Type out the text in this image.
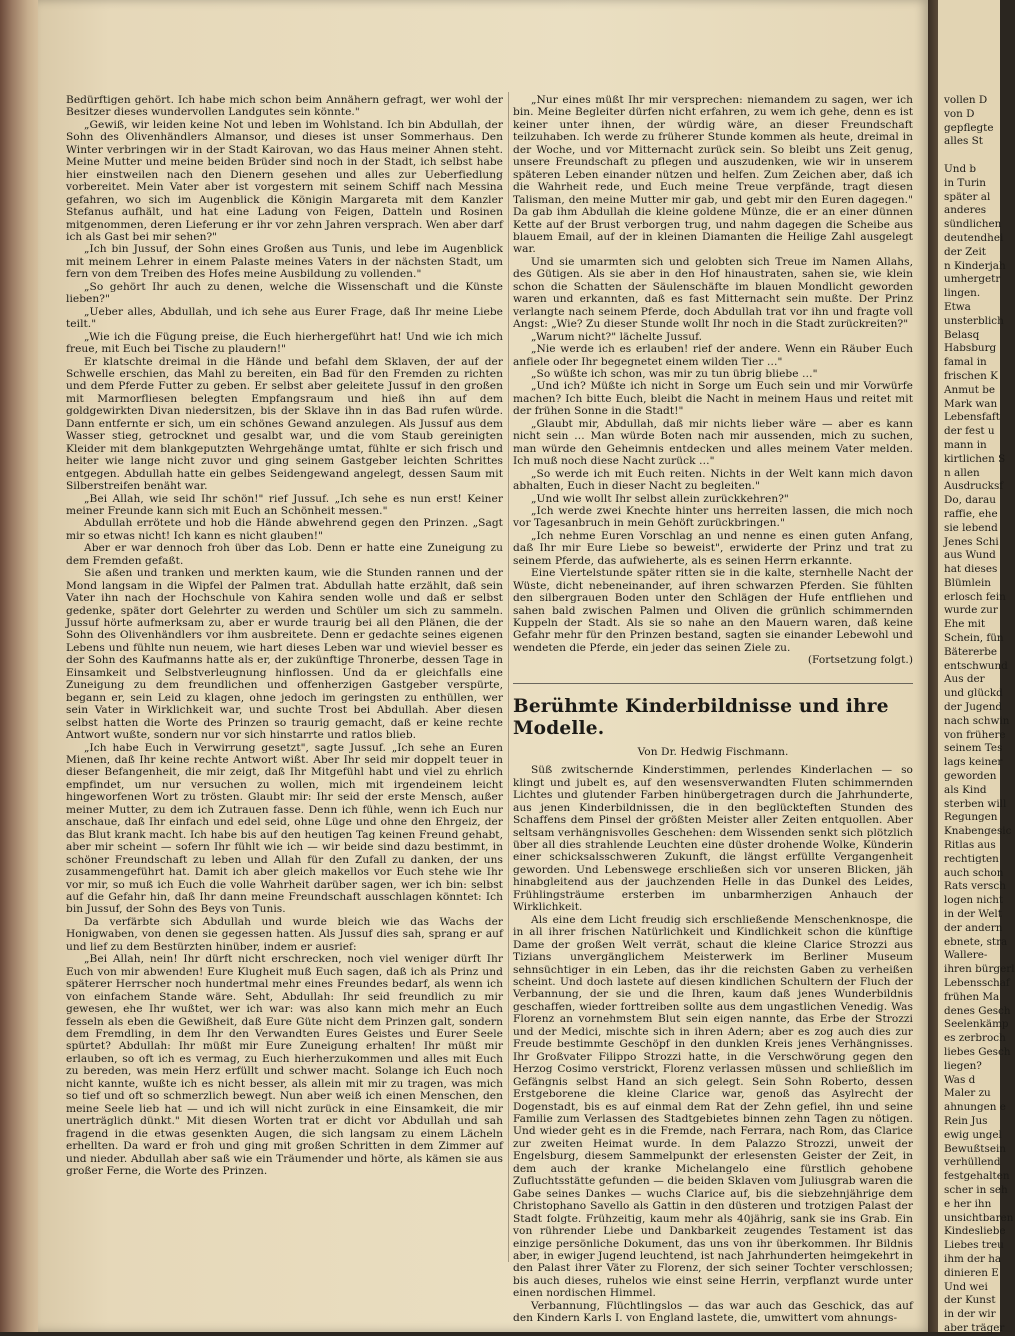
vollen D
von D
gepflegte
alles St
Und b
in Turin
später al
anderes
sündlichen
deutendhei
der Zeit
n Kinderjah
umhergetr
lingen.
Etwa
unsterblich
Belasq
Habsburg
famal in
frischen K
Anmut be
Mark wan
Lebensfaft
der fest u
mann in
kirtlichen S
n allen
Ausdrucksf
Do, darau
raffie, ehe
sie lebend
Jenes Schi
aus Wund
hat dieses
Blümlein
erlosch fein
wurde zur
Ehe mit
Schein, fün
Bätererbe
entschwund
Aus der
und glückd
der Jugend
nach schwin
von frühere
seinem Tes
lags keiner
geworden
als Kind
sterben will
Regungen
Knabengesic
Ritlas aus
rechtigten
auch schon
Rats versch
logen nicht
in der Welt
der andern
ebnete, stra
Wallere-
ihren bürgerl
Lebensschaf
frühen Ma
denes Gesch
Seelenkämp
es zerbroch
liebes Gesch
liegen?
Was d
Maler zu
ahnungen e
Rein Jus
ewig ungel
Bewußtsein
verhüllend
festgehalten
scher in seh
e her ihn
unsichtbaren
Kindesliebe
Liebes treu
ihm der ha
dinieren E
Und wei
der Kunst
in der wir
aber träger

Bedürftigen gehört. Ich habe mich schon beim Annähern gefragt, wer wohl der Besitzer dieses wundervollen Landgutes sein könnte."

„Gewiß, wir leiden keine Not und leben im Wohlstand. Ich bin Abdullah, der Sohn des Olivenhändlers Almansor, und dieses ist unser Sommerhaus. Den Winter verbringen wir in der Stadt Kairovan, wo das Haus meiner Ahnen steht. Meine Mutter und meine beiden Brüder sind noch in der Stadt, ich selbst habe hier einstweilen nach den Dienern gesehen und alles zur Ueberfiedlung vorbereitet. Mein Vater aber ist vorgestern mit seinem Schiff nach Messina gefahren, wo sich im Augenblick die Königin Margareta mit dem Kanzler Stefanus aufhält, und hat eine Ladung von Feigen, Datteln und Rosinen mitgenommen, deren Lieferung er ihr vor zehn Jahren versprach. Wen aber darf ich als Gast bei mir sehen?"

„Ich bin Jussuf, der Sohn eines Großen aus Tunis, und lebe im Augenblick mit meinem Lehrer in einem Palaste meines Vaters in der nächsten Stadt, um fern von dem Treiben des Hofes meine Ausbildung zu vollenden."

„So gehört Ihr auch zu denen, welche die Wissenschaft und die Künste lieben?"

„Ueber alles, Abdullah, und ich sehe aus Eurer Frage, daß Ihr meine Liebe teilt."

„Wie ich die Fügung preise, die Euch hierhergeführt hat! Und wie ich mich freue, mit Euch bei Tische zu plaudern!"

Er klatschte dreimal in die Hände und befahl dem Sklaven, der auf der Schwelle erschien, das Mahl zu bereiten, ein Bad für den Fremden zu richten und dem Pferde Futter zu geben. Er selbst aber geleitete Jussuf in den großen mit Marmorfliesen belegten Empfangsraum und hieß ihn auf dem goldgewirkten Divan niedersitzen, bis der Sklave ihn in das Bad rufen würde. Dann entfernte er sich, um ein schönes Gewand anzulegen. Als Jussuf aus dem Wasser stieg, getrocknet und gesalbt war, und die vom Staub gereinigten Kleider mit dem blankgeputzten Wehrgehänge umtat, fühlte er sich frisch und heiter wie lange nicht zuvor und ging seinem Gastgeber leichten Schrittes entgegen. Abdullah hatte ein gelbes Seidengewand angelegt, dessen Saum mit Silberstreifen benäht war.

„Bei Allah, wie seid Ihr schön!" rief Jussuf. „Ich sehe es nun erst! Keiner meiner Freunde kann sich mit Euch an Schönheit messen."

Abdullah errötete und hob die Hände abwehrend gegen den Prinzen. „Sagt mir so etwas nicht! Ich kann es nicht glauben!"

Aber er war dennoch froh über das Lob. Denn er hatte eine Zuneigung zu dem Fremden gefaßt.

Sie aßen und tranken und merkten kaum, wie die Stunden rannen und der Mond langsam in die Wipfel der Palmen trat. Abdullah hatte erzählt, daß sein Vater ihn nach der Hochschule von Kahira senden wolle und daß er selbst gedenke, später dort Gelehrter zu werden und Schüler um sich zu sammeln. Jussuf hörte aufmerksam zu, aber er wurde traurig bei all den Plänen, die der Sohn des Olivenhändlers vor ihm ausbreitete. Denn er gedachte seines eigenen Lebens und fühlte nun neuem, wie hart dieses Leben war und wieviel besser es der Sohn des Kaufmanns hatte als er, der zukünftige Thronerbe, dessen Tage in Einsamkeit und Selbstverleugnung hinflossen. Und da er gleichfalls eine Zuneigung zu dem freundlichen und offenherzigen Gastgeber verspürte, begann er, sein Leid zu klagen, ohne jedoch im geringsten zu enthüllen, wer sein Vater in Wirklichkeit war, und suchte Trost bei Abdullah. Aber diesen selbst hatten die Worte des Prinzen so traurig gemacht, daß er keine rechte Antwort wußte, sondern nur vor sich hinstarrte und ratlos blieb.

„Ich habe Euch in Verwirrung gesetzt", sagte Jussuf. „Ich sehe an Euren Mienen, daß Ihr keine rechte Antwort wißt. Aber Ihr seid mir doppelt teuer in dieser Befangenheit, die mir zeigt, daß Ihr Mitgefühl habt und viel zu ehrlich empfindet, um nur versuchen zu wollen, mich mit irgendeinem leicht hingeworfenen Wort zu trösten. Glaubt mir: Ihr seid der erste Mensch, außer meiner Mutter, zu dem ich Zutrauen fasse. Denn ich fühle, wenn ich Euch nur anschaue, daß Ihr einfach und edel seid, ohne Lüge und ohne den Ehrgeiz, der das Blut krank macht. Ich habe bis auf den heutigen Tag keinen Freund gehabt, aber mir scheint — sofern Ihr fühlt wie ich — wir beide sind dazu bestimmt, in schöner Freundschaft zu leben und Allah für den Zufall zu danken, der uns zusammengeführt hat. Damit ich aber gleich makellos vor Euch stehe wie Ihr vor mir, so muß ich Euch die volle Wahrheit darüber sagen, wer ich bin: selbst auf die Gefahr hin, daß Ihr dann meine Freundschaft ausschlagen könntet: Ich bin Jussuf, der Sohn des Beys von Tunis.

Da verfärbte sich Abdullah und wurde bleich wie das Wachs der Honigwaben, von denen sie gegessen hatten. Als Jussuf dies sah, sprang er auf und lief zu dem Bestürzten hinüber, indem er ausrief:

„Bei Allah, nein! Ihr dürft nicht erschrecken, noch viel weniger dürft Ihr Euch von mir abwenden! Eure Klugheit muß Euch sagen, daß ich als Prinz und späterer Herrscher noch hundertmal mehr eines Freundes bedarf, als wenn ich von einfachem Stande wäre. Seht, Abdullah: Ihr seid freundlich zu mir gewesen, ehe Ihr wußtet, wer ich war: was also kann mich mehr an Euch fesseln als eben die Gewißheit, daß Eure Güte nicht dem Prinzen galt, sondern dem Fremdling, in dem Ihr den Verwandten Eures Geistes und Eurer Seele spürtet? Abdullah: Ihr müßt mir Eure Zuneigung erhalten! Ihr müßt mir erlauben, so oft ich es vermag, zu Euch hierherzukommen und alles mit Euch zu bereden, was mein Herz erfüllt und schwer macht. Solange ich Euch noch nicht kannte, wußte ich es nicht besser, als allein mit mir zu tragen, was mich so tief und oft so schmerzlich bewegt. Nun aber weiß ich einen Menschen, den meine Seele lieb hat — und ich will nicht zurück in eine Einsamkeit, die mir unerträglich dünkt." Mit diesen Worten trat er dicht vor Abdullah und sah fragend in die etwas gesenkten Augen, die sich langsam zu einem Lächeln erhellten. Da ward er froh und ging mit großen Schritten in dem Zimmer auf und nieder. Abdullah aber saß wie ein Träumender und hörte, als kämen sie aus großer Ferne, die Worte des Prinzen.

„Nur eines müßt Ihr mir versprechen: niemandem zu sagen, wer ich bin. Meine Begleiter dürfen nicht erfahren, zu wem ich gehe, denn es ist keiner unter ihnen, der würdig wäre, an dieser Freundschaft teilzuhaben. Ich werde zu früherer Stunde kommen als heute, dreimal in der Woche, und vor Mitternacht zurück sein. So bleibt uns Zeit genug, unsere Freundschaft zu pflegen und auszudenken, wie wir in unserem späteren Leben einander nützen und helfen. Zum Zeichen aber, daß ich die Wahrheit rede, und Euch meine Treue verpfände, tragt diesen Talisman, den meine Mutter mir gab, und gebt mir den Euren dagegen." Da gab ihm Abdullah die kleine goldene Münze, die er an einer dünnen Kette auf der Brust verborgen trug, und nahm dagegen die Scheibe aus blauem Email, auf der in kleinen Diamanten die Heilige Zahl ausgelegt war.

Und sie umarmten sich und gelobten sich Treue im Namen Allahs, des Gütigen. Als sie aber in den Hof hinaustraten, sahen sie, wie klein schon die Schatten der Säulenschäfte im blauen Mondlicht geworden waren und erkannten, daß es fast Mitternacht sein mußte. Der Prinz verlangte nach seinem Pferde, doch Abdullah trat vor ihn und fragte voll Angst: „Wie? Zu dieser Stunde wollt Ihr noch in die Stadt zurückreiten?"

„Warum nicht?" lächelte Jussuf.

„Nie werde ich es erlauben! rief der andere. Wenn ein Räuber Euch anfiele oder Ihr begegnetet einem wilden Tier …"

„So wüßte ich schon, was mir zu tun übrig bliebe …"

„Und ich? Müßte ich nicht in Sorge um Euch sein und mir Vorwürfe machen? Ich bitte Euch, bleibt die Nacht in meinem Haus und reitet mit der frühen Sonne in die Stadt!"

„Glaubt mir, Abdullah, daß mir nichts lieber wäre — aber es kann nicht sein … Man würde Boten nach mir aussenden, mich zu suchen, man würde den Geheimnis entdecken und alles meinem Vater melden. Ich muß noch diese Nacht zurück …"

„So werde ich mit Euch reiten. Nichts in der Welt kann mich davon abhalten, Euch in dieser Nacht zu begleiten."

„Und wie wollt Ihr selbst allein zurückkehren?"

„Ich werde zwei Knechte hinter uns herreiten lassen, die mich noch vor Tagesanbruch in mein Gehöft zurückbringen."

„Ich nehme Euren Vorschlag an und nenne es einen guten Anfang, daß Ihr mir Eure Liebe so beweist", erwiderte der Prinz und trat zu seinem Pferde, das aufwieherte, als es seinen Herrn erkannte.

Eine Viertelstunde später ritten sie in die kalte, sternhelle Nacht der Wüste, dicht nebeneinander, auf ihren schwarzen Pferden. Sie fühlten den silbergrauen Boden unter den Schlägen der Hufe entfliehen und sahen bald zwischen Palmen und Oliven die grünlich schimmernden Kuppeln der Stadt. Als sie so nahe an den Mauern waren, daß keine Gefahr mehr für den Prinzen bestand, sagten sie einander Lebewohl und wendeten die Pferde, ein jeder das seinen Ziele zu.

(Fortsetzung folgt.)

Berühmte Kinderbildnisse und ihre Modelle.
Von Dr. Hedwig Fischmann.

Süß zwitschernde Kinderstimmen, perlendes Kinderlachen — so klingt und jubelt es, auf den wesensverwandten Fluten schimmernden Lichtes und glutender Farben hinübergetragen durch die Jahrhunderte, aus jenen Kinderbildnissen, die in den beglückteften Stunden des Schaffens dem Pinsel der größten Meister aller Zeiten entquollen. Aber seltsam verhängnisvolles Geschehen: dem Wissenden senkt sich plötzlich über all dies strahlende Leuchten eine düster drohende Wolke, Künderin einer schicksalsschweren Zukunft, die längst erfüllte Vergangenheit geworden. Und Lebenswege erschließen sich vor unseren Blicken, jäh hinabgleitend aus der jauchzenden Helle in das Dunkel des Leides, Frühlingsträume ersterben im unbarmherzigen Anhauch der Wirklichkeit.

Als eine dem Licht freudig sich erschließende Menschenknospe, die in all ihrer frischen Natürlichkeit und Kindlichkeit schon die künftige Dame der großen Welt verrät, schaut die kleine Clarice Strozzi aus Tizians unvergänglichem Meisterwerk im Berliner Museum sehnsüchtiger in ein Leben, das ihr die reichsten Gaben zu verheißen scheint. Und doch lastete auf diesen kindlichen Schultern der Fluch der Verbannung, der sie und die Ihren, kaum daß jenes Wunderbildnis geschaffen, wieder forttreiben sollte aus dem ungastlichen Venedig. Was Florenz an vornehmstem Blut sein eigen nannte, das Erbe der Strozzi und der Medici, mischte sich in ihren Adern; aber es zog auch dies zur Freude bestimmte Geschöpf in den dunklen Kreis jenes Verhängnisses. Ihr Großvater Filippo Strozzi hatte, in die Verschwörung gegen den Herzog Cosimo verstrickt, Florenz verlassen müssen und schließlich im Gefängnis selbst Hand an sich gelegt. Sein Sohn Roberto, dessen Erstgeborene die kleine Clarice war, genoß das Asylrecht der Dogenstadt, bis es auf einmal dem Rat der Zehn gefiel, ihn und seine Familie zum Verlassen des Stadtgebietes binnen zehn Tagen zu nötigen. Und wieder geht es in die Fremde, nach Ferrara, nach Rom, das Clarice zur zweiten Heimat wurde. In dem Palazzo Strozzi, unweit der Engelsburg, diesem Sammelpunkt der erlesensten Geister der Zeit, in dem auch der kranke Michelangelo eine fürstlich gehobene Zufluchtsstätte gefunden — die beiden Sklaven vom Juliusgrab waren die Gabe seines Dankes — wuchs Clarice auf, bis die siebzehnjährige dem Christophano Savello als Gattin in den düsteren und trotzigen Palast der Stadt folgte. Frühzeitig, kaum mehr als 40jährig, sank sie ins Grab. Ein von rührender Liebe und Dankbarkeit zeugendes Testament ist das einzige persönliche Dokument, das uns von ihr überkommen. Ihr Bildnis aber, in ewiger Jugend leuchtend, ist nach Jahrhunderten heimgekehrt in den Palast ihrer Väter zu Florenz, der sich seiner Tochter verschlossen; bis auch dieses, ruhelos wie einst seine Herrin, verpflanzt wurde unter einen nordischen Himmel.

Verbannung, Flüchtlingslos — das war auch das Geschick, das auf den Kindern Karls I. von England lastete, die, umwittert vom ahnungs-
